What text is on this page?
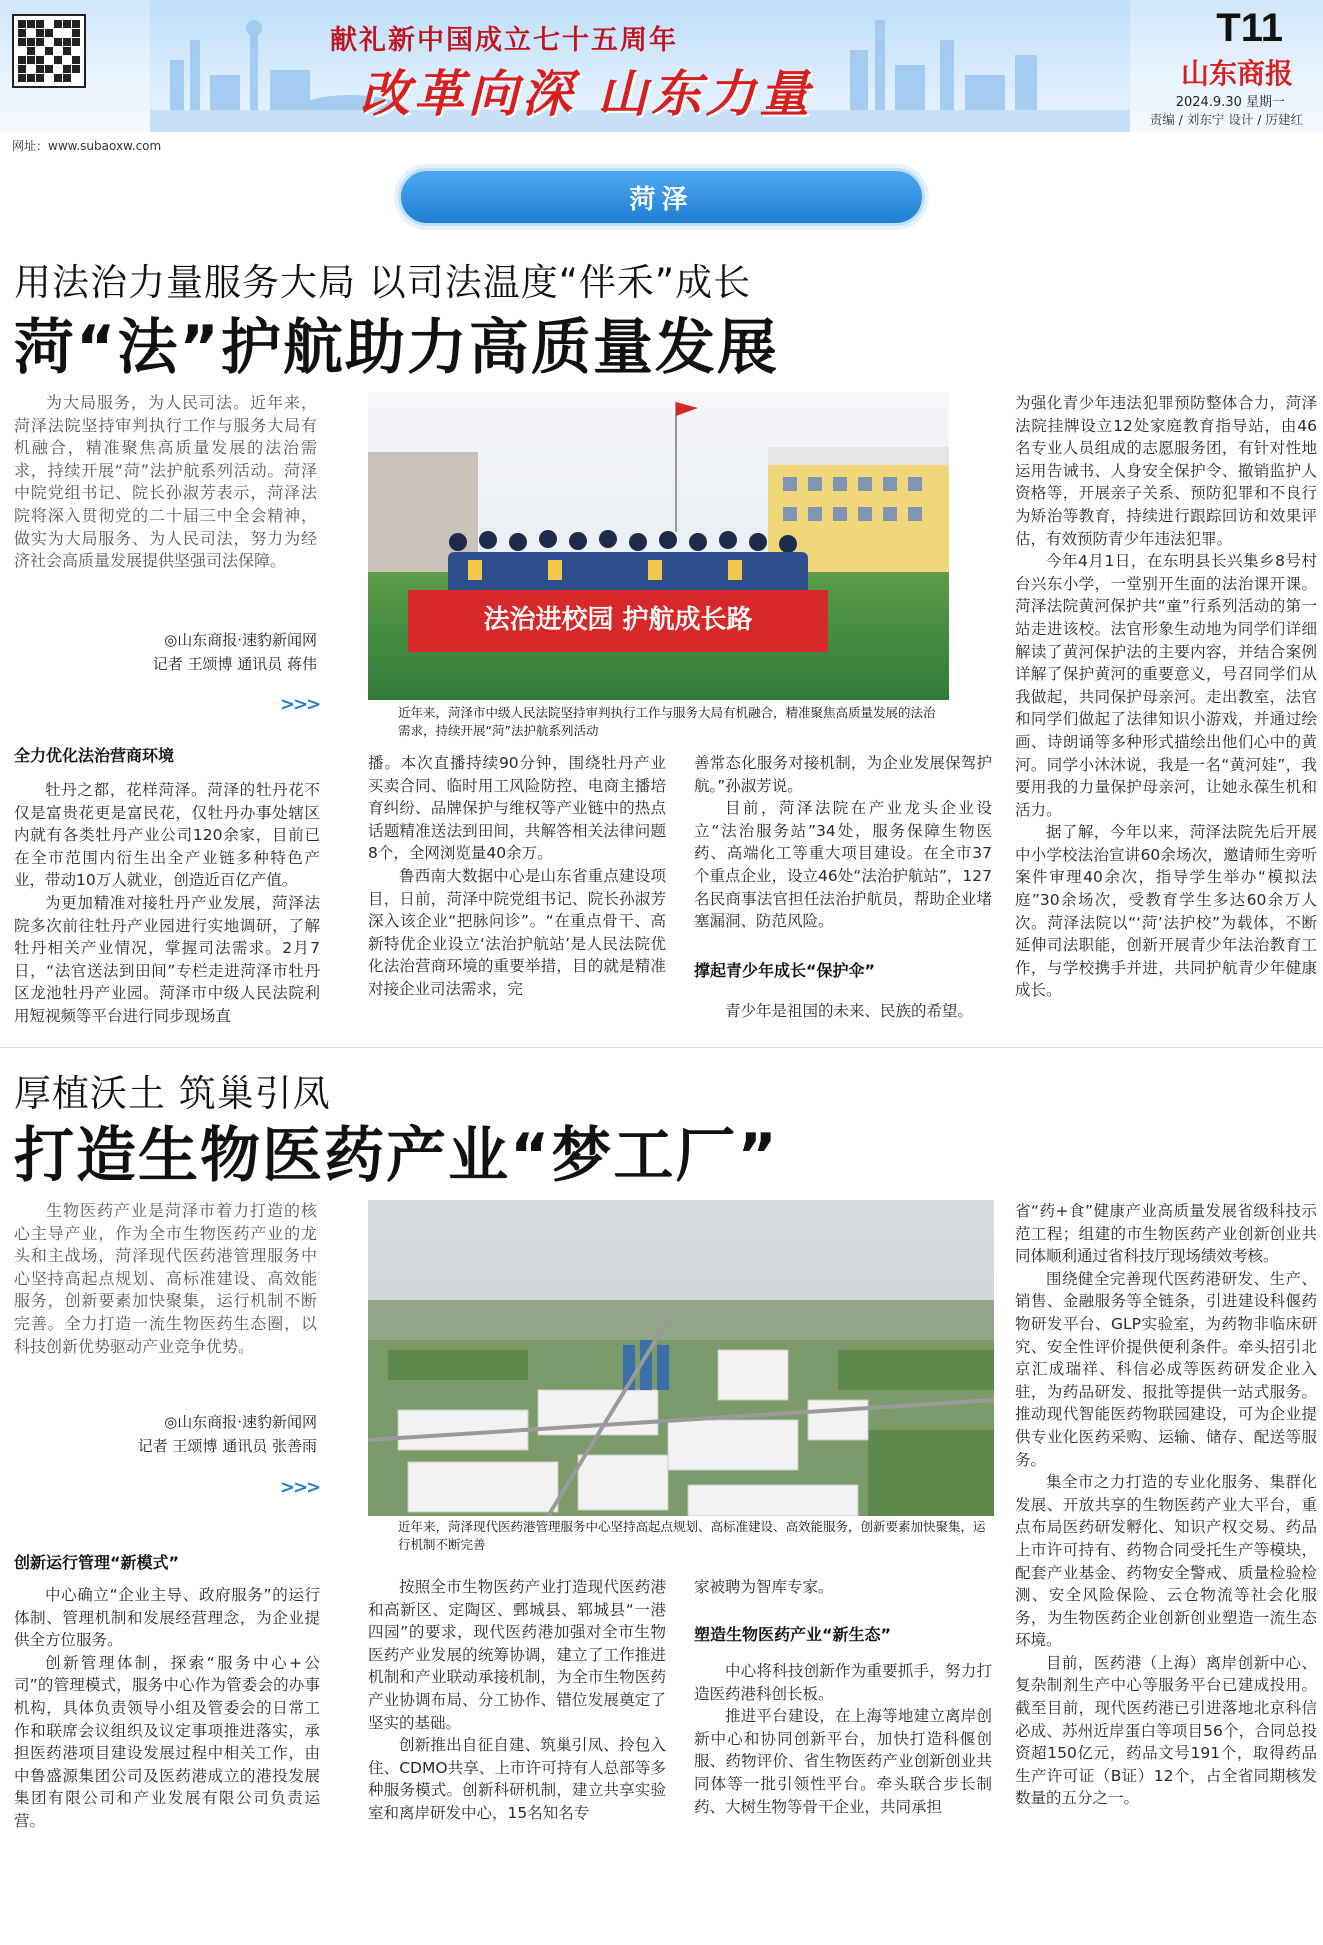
献礼新中国成立七十五周年
改革向深 山东力量
T11
山东商报
2024.9.30 星期一
责编 / 刘东宁 设计 / 厉建红
网址：www.subaoxw.com
菏泽
用法治力量服务大局 以司法温度“伴禾”成长
菏“法”护航助力高质量发展

为大局服务，为人民司法。近年来，菏泽法院坚持审判执行工作与服务大局有机融合，精准聚焦高质量发展的法治需求，持续开展“菏”法护航系列活动。菏泽中院党组书记、院长孙淑芳表示，菏泽法院将深入贯彻党的二十届三中全会精神，做实为大局服务、为人民司法，努力为经济社会高质量发展提供坚强司法保障。

◎山东商报·速豹新闻网
记者 王颂博 通讯员 蒋伟
>>>
法治进校园 护航成长路
近年来，菏泽市中级人民法院坚持审判执行工作与服务大局有机融合，精准聚焦高质量发展的法治需求，持续开展“菏”法护航系列活动
全力优化法治营商环境

牡丹之都，花样菏泽。菏泽的牡丹花不仅是富贵花更是富民花，仅牡丹办事处辖区内就有各类牡丹产业公司120余家，目前已在全市范围内衍生出全产业链多种特色产业，带动10万人就业，创造近百亿产值。

为更加精准对接牡丹产业发展，菏泽法院多次前往牡丹产业园进行实地调研，了解牡丹相关产业情况，掌握司法需求。2月7日，“法官送法到田间”专栏走进菏泽市牡丹区龙池牡丹产业园。菏泽市中级人民法院利用短视频等平台进行同步现场直

播。本次直播持续90分钟，围绕牡丹产业买卖合同、临时用工风险防控、电商主播培育纠纷、品牌保护与维权等产业链中的热点话题精准送法到田间，共解答相关法律问题8个，全网浏览量40余万。

鲁西南大数据中心是山东省重点建设项目，日前，菏泽中院党组书记、院长孙淑芳深入该企业“把脉问诊”。“在重点骨干、高新特优企业设立‘法治护航站’是人民法院优化法治营商环境的重要举措，目的就是精准对接企业司法需求，完

善常态化服务对接机制，为企业发展保驾护航。”孙淑芳说。

目前，菏泽法院在产业龙头企业设立“法治服务站”34处，服务保障生物医药、高端化工等重大项目建设。在全市37个重点企业，设立46处“法治护航站”，127名民商事法官担任法治护航员，帮助企业堵塞漏洞、防范风险。

撑起青少年成长“保护伞”

青少年是祖国的未来、民族的希望。

为强化青少年违法犯罪预防整体合力，菏泽法院挂牌设立12处家庭教育指导站，由46名专业人员组成的志愿服务团，有针对性地运用告诫书、人身安全保护令、撤销监护人资格等，开展亲子关系、预防犯罪和不良行为矫治等教育，持续进行跟踪回访和效果评估，有效预防青少年违法犯罪。

今年4月1日，在东明县长兴集乡8号村台兴东小学，一堂别开生面的法治课开课。菏泽法院黄河保护共“童”行系列活动的第一站走进该校。法官形象生动地为同学们详细解读了黄河保护法的主要内容，并结合案例详解了保护黄河的重要意义，号召同学们从我做起，共同保护母亲河。走出教室，法官和同学们做起了法律知识小游戏，并通过绘画、诗朗诵等多种形式描绘出他们心中的黄河。同学小沐沐说，我是一名“黄河娃”，我要用我的力量保护母亲河，让她永葆生机和活力。

据了解，今年以来，菏泽法院先后开展中小学校法治宣讲60余场次，邀请师生旁听案件审理40余次，指导学生举办“模拟法庭”30余场次，受教育学生多达60余万人次。菏泽法院以“‘菏’法护校”为载体，不断延伸司法职能，创新开展青少年法治教育工作，与学校携手并进，共同护航青少年健康成长。

厚植沃土 筑巢引凤
打造生物医药产业“梦工厂”

生物医药产业是菏泽市着力打造的核心主导产业，作为全市生物医药产业的龙头和主战场，菏泽现代医药港管理服务中心坚持高起点规划、高标准建设、高效能服务，创新要素加快聚集，运行机制不断完善。全力打造一流生物医药生态圈，以科技创新优势驱动产业竞争优势。

◎山东商报·速豹新闻网
记者 王颂博 通讯员 张善雨
>>>
近年来，菏泽现代医药港管理服务中心坚持高起点规划、高标准建设、高效能服务，创新要素加快聚集，运行机制不断完善
创新运行管理“新模式”

中心确立“企业主导、政府服务”的运行体制、管理机制和发展经营理念，为企业提供全方位服务。

创新管理体制，探索“服务中心+公司”的管理模式，服务中心作为管委会的办事机构，具体负责领导小组及管委会的日常工作和联席会议组织及议定事项推进落实，承担医药港项目建设发展过程中相关工作，由中鲁盛源集团公司及医药港成立的港投发展集团有限公司和产业发展有限公司负责运营。

按照全市生物医药产业打造现代医药港和高新区、定陶区、鄄城县、郓城县“一港四园”的要求，现代医药港加强对全市生物医药产业发展的统筹协调，建立了工作推进机制和产业联动承接机制，为全市生物医药产业协调布局、分工协作、错位发展奠定了坚实的基础。

创新推出自征自建、筑巢引凤、拎包入住、CDMO共享、上市许可持有人总部等多种服务模式。创新科研机制，建立共享实验室和离岸研发中心，15名知名专

家被聘为智库专家。

塑造生物医药产业“新生态”

中心将科技创新作为重要抓手，努力打造医药港科创长板。

推进平台建设，在上海等地建立离岸创新中心和协同创新平台，加快打造科偃创服、药物评价、省生物医药产业创新创业共同体等一批引领性平台。牵头联合步长制药、大树生物等骨干企业，共同承担

省“药+食”健康产业高质量发展省级科技示范工程；组建的市生物医药产业创新创业共同体顺利通过省科技厅现场绩效考核。

围绕健全完善现代医药港研发、生产、销售、金融服务等全链条，引进建设科偃药物研发平台、GLP实验室，为药物非临床研究、安全性评价提供便利条件。牵头招引北京汇成瑞祥、科信必成等医药研发企业入驻，为药品研发、报批等提供一站式服务。推动现代智能医药物联园建设，可为企业提供专业化医药采购、运输、储存、配送等服务。

集全市之力打造的专业化服务、集群化发展、开放共享的生物医药产业大平台，重点布局医药研发孵化、知识产权交易、药品上市许可持有、药物合同受托生产等模块，配套产业基金、药物安全警戒、质量检验检测、安全风险保险、云仓物流等社会化服务，为生物医药企业创新创业塑造一流生态环境。

目前，医药港（上海）离岸创新中心、复杂制剂生产中心等服务平台已建成投用。截至目前，现代医药港已引进落地北京科信必成、苏州近岸蛋白等项目56个，合同总投资超150亿元，药品文号191个，取得药品生产许可证（B证）12个，占全省同期核发数量的五分之一。
